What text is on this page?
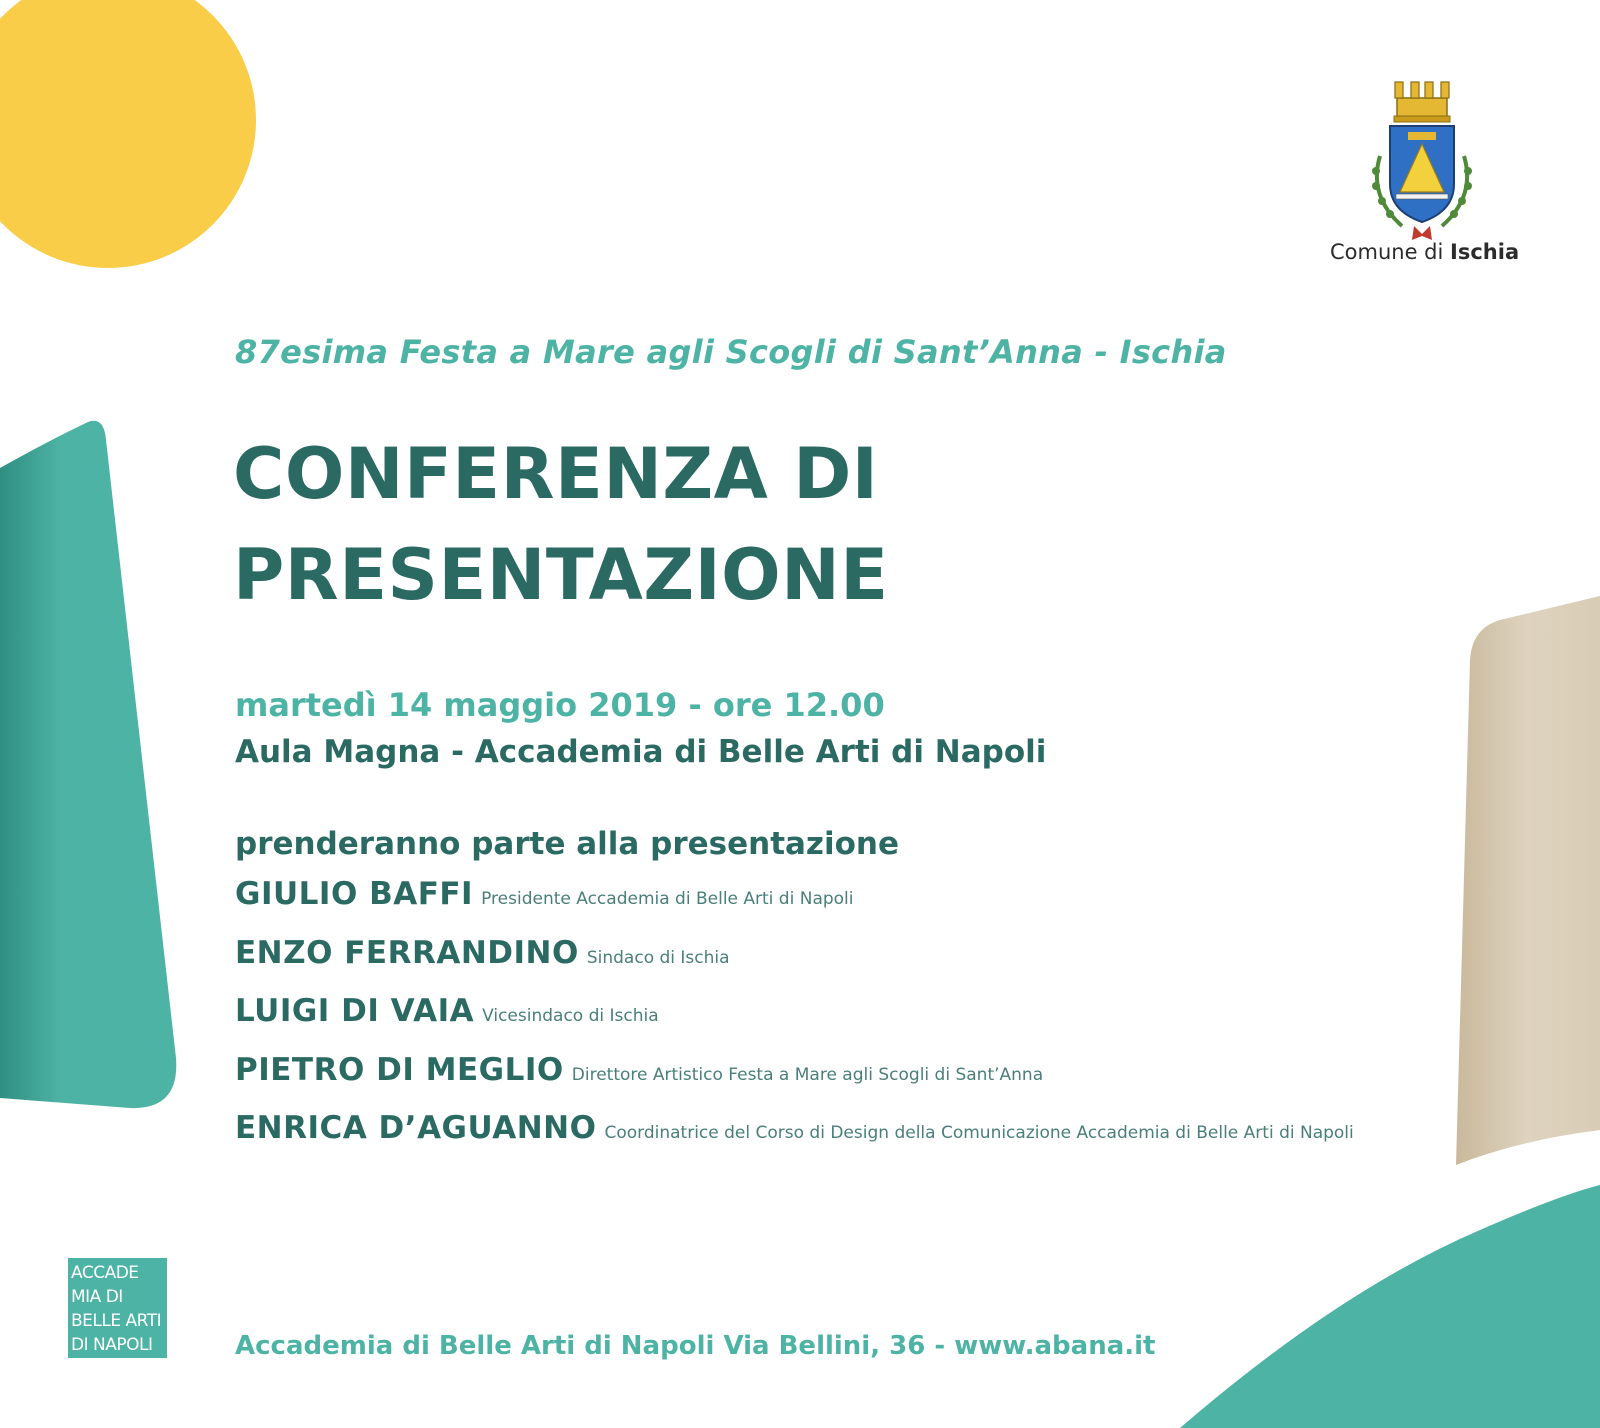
Comune di Ischia
87esima Festa a Mare agli Scogli di Sant’Anna - Ischia
CONFERENZA DI
PRESENTAZIONE
martedì 14 maggio 2019 - ore 12.00
Aula Magna - Accademia di Belle Arti di Napoli
prenderanno parte alla presentazione
GIULIO BAFFI Presidente Accademia di Belle Arti di Napoli
ENZO FERRANDINO Sindaco di Ischia
LUIGI DI VAIA Vicesindaco di Ischia
PIETRO DI MEGLIO Direttore Artistico Festa a Mare agli Scogli di Sant’Anna
ENRICA D’AGUANNO Coordinatrice del Corso di Design della Comunicazione Accademia di Belle Arti di Napoli
ACCADE
MIA DI
BELLE ARTI
DI NAPOLI	Accademia di Belle Arti di Napoli Via Bellini, 36 - www.abana.it
